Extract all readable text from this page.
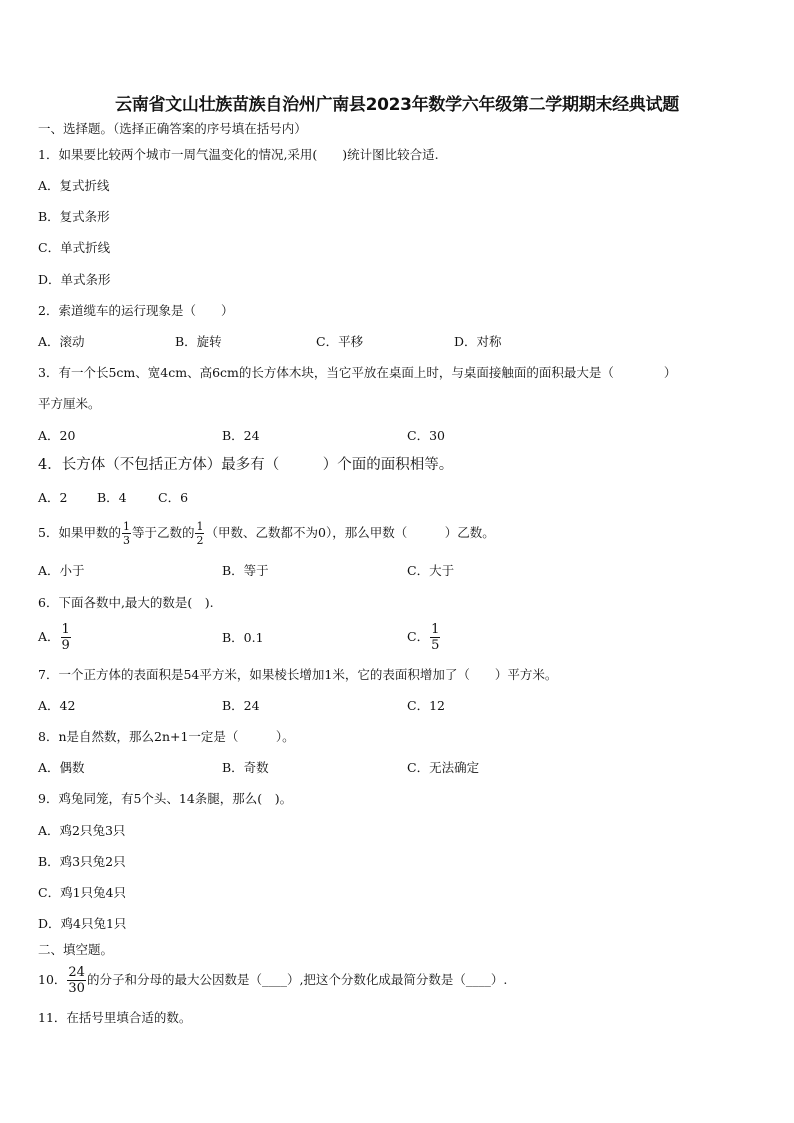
云南省文山壮族苗族自治州广南县2023年数学六年级第二学期期末经典试题
一、选择题。（选择正确答案的序号填在括号内）
1．如果要比较两个城市一周气温变化的情况,采用(　　)统计图比较合适.
A．复式折线
B．复式条形
C．单式折线
D．单式条形
2．索道缆车的运行现象是（　　）
A．滚动	B．旋转	C．平移	D．对称
3．有一个长5cm、宽4cm、高6cm的长方体木块，当它平放在桌面上时，与桌面接触面的面积最大是（　　　　）
平方厘米。
A．20	B．24	C．30
4．长方体（不包括正方体）最多有（　　　）个面的面积相等。
A．2 B．4	C．6
5．如果甲数的 $\frac{1}{3}$ 等于乙数的 $\frac{1}{2}$ （甲数、乙数都不为0），那么甲数（　　　）乙数。
A．小于	B．等于	C．大于
6．下面各数中,最大的数是(　).
A． $\frac{1}{9}$	B．0.1	C． $\frac{1}{5}$
7．一个正方体的表面积是54平方米，如果棱长增加1米，它的表面积增加了（　　）平方米。
A．42	B．24	C．12
8．n是自然数，那么2n+1一定是（　　　）。
A．偶数	B．奇数	C．无法确定
9．鸡兔同笼，有5个头、14条腿，那么(　)。
A．鸡2只兔3只
B．鸡3只兔2只
C．鸡1只兔4只
D．鸡4只兔1只
二、填空题。
10． $\frac{24}{30}$ 的分子和分母的最大公因数是（____）,把这个分数化成最简分数是（____）.
11．在括号里填合适的数。
